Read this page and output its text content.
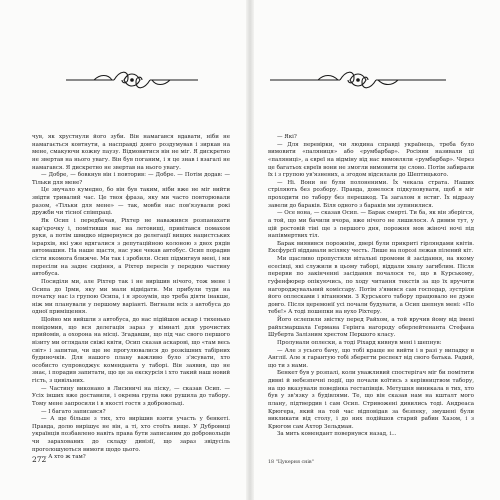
чув, як хрустнули його зуби. Він намагався вдавати, ніби не намагається ковтнути, а насправді довго роздумував і зиркав на мене, смакуючи кожну паузу. Відмовитися він не міг. Я дискретно не звертав на нього увагу. Він був поганим, і я це знав і взагалі не намагався. Я дискретно не звертав на нього увагу.

— Добре, — бовкнув він і повторив: — Добре. — Потім додав: — Тільки для мене?

Це звучало кумедно, бо він був таким, ніби вже не міг вийти звідти тривалий час. Це твоя фраза, яку ми часто повторювали разом, «Тільки для мене» — так, мовби нас пов'язували рокі дружби чи тісної співпраці.

Як Осип і передбачав, Ріхтер не наважився розпанахати кар'єрочку і, помітивши нас на летовищі, привітався помахом руки, а потім швидко відвернувся до делегації вищих нацистських ієрархів, які уже вдягалися з депутаційною колоною з двох рядів автомашин. На наше щастя, нас уже чекав автобус. Осип порадив сісти якомога ближче. Ми так і зробили. Осип підмигнув мені, і ми пересіли на заднє сидіння, а Ріхтер пересів у передню частину автобуса.

Посиділи ми, але Ріхтер так і не вирішив нічого, тож мене і Осипа до Ірми, яку ми мали відвідати. Ми прибули туди на початку нас із групою Осипа, і я зрозумів, що треба діяти інакше, ніж ми планували у першому варіанті. Вигнали всіх з автобуса до одної приміщення.

Щойно ми вийшли з автобуса, до нас підійшов аскар і тихенько повідомив, що вся делегація зараз у кімнаті для урочистих прийомів, а охорона на місці. Згадавши, що під час свого першого візиту ми оглядали свіжі квіти, Осип сказав аскарові, що «там весь світ» і запитав, чи ще не прогулювалися до розкішних табірних будиночків. Для нашого плану важливо було з'ясувати, хто особисто супроводжує коменданта у таборі. Він заявив, що не знає, і порадив запитати, що це за екскурсія і хто такий наш новий гість, з цивільних.

— Частину виконано в Лисиничі на піску, — сказав Осип. — Усіх інших вже доставили, і окрема група вже рушила до табору. Тому мене запросили і в якості гостя з добровольці.

— І багато записався?

— А ще більше з тих, хто вирішив взяти участь у бенкеті. Правда, долю вирішує не він, а ті, хто стоїть вище. У Дубровиці українців позбавлено навіть права бути записаним до добровольців чи зарахованих до складу дивізії, що зараз звідусіль проголошуються вимоги щодо цього.

— А хто ж там?

272

— Які?

— Для перевірки, чи людина справді українець, треба було вимовити «паляниця» або «румбарбар». Росіяни називали ці «паляниці», а євреї на відміну від нас вимовляли «румбарбар». Через це багатьох євреїв вони не змогли вимовити це слово. Потім забирали їх і з групою ув'язнених, а згодом відсилали до Шептицького.

— Ні. Вони не були полоненими. Їх чекала страта. Наших стріляють без розбору. Правда, довелося підкуповувати, щоб я міг проходити по табору без перешкод. Та загалом я встиг. Їх відразу завели до бараків. Біля одного з бараків ми зупинилися.

— Осе вона, — сказав Осип. — Барак смерті. Ти ба, як він зберігся, а той, що ми бачили вчора, вже нічого не лишилося. А дивим тут, у цій ростовій тіні ще з першого дня, порожня мов жіночі ночі під напівмертвих тіл.

Барак виявився порожнім, двері були прикриті гірляндами квітів. Ексфурсії віддавали всіляку честь. Лише на порозі лежав пілений кіт.

Ми щасливо пропустили вітальні промови й засідання, на якому есесівці, які служили в цьому таборі, віддали хвалу загиблим. Після перерви по закінченні засідання почалося те, що в Курському, гуфенфюрер опікуючись, по ходу читання текстів за що їх вручити нагороджувальний коміссару. Потім з'явився сам господар, зустріли його оплесками і вітаннями. З Курського табору працювало не дуже довго. Після церемонії усі почали будувати, а Осип шепнув мені: «По тебе!» А тоді пошепки на вухо Ріхтеру.

Його ослепили звістку перед Райхом, а той вручив йому від імені райхсмаршала Германа Герінга нагороду оберлейтенанта Стефана Шуберта Залізним хрестом Першого класу.

Пролунали оплески, а тоді Ріхард кивнув мені і шепнув:

— Але з усього бачу, що тобі краще не вийти і в разі у випадку в Англії. Але я гарантую тобі зберегти респект від свого батька. Радий, що ти з нами.

Бенкет був у розпалі, коли уважливий спостерігач міг би помітити дивні й небезпечні події, що почали коїтись з керівництвом табору, на що вказували поведінка гестапівців. Метушня виникала в тих, хто був у зв'язку з будівлями. Те, що він сказав нам на кшталт мого плану, підтвердив і сам Осип. Стривожені дивились тоді. Андреаса Крюгера, який на той час відповідав за безпеку, змушені були викликати від столу, і до них подійшов старий рабин Хазом, і з Крюгом сам Ахтор Зельдман.

За мить комендант повернувся назад, і...

18 "Цукерня снів"
